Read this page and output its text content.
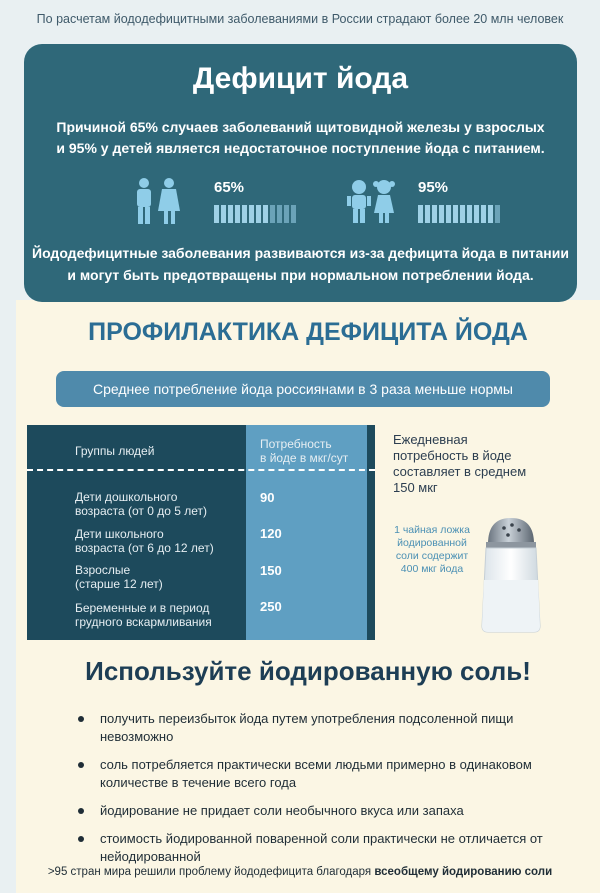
По расчетам йододефицитными заболеваниями в России страдают более 20 млн человек
Дефицит йода
Причиной 65% случаев заболеваний щитовидной железы у взрослых
и 95% у детей является недостаточное поступление йода с питанием.
65%	95%
Йододефицитные заболевания развиваются из-за дефицита йода в питании
и могут быть предотвращены при нормальном потреблении йода.
ПРОФИЛАКТИКА ДЕФИЦИТА ЙОДА
Среднее потребление йода россиянами в 3 раза меньше нормы
Группы людей	Потребность
в йоде в мкг/сут
Дети дошкольного
возраста (от 0 до 5 лет)
90
Дети школьного
возраста (от 6 до 12 лет)
120
Взрослые
(старше 12 лет)
150
Беременные и в период
грудного вскармливания
250
Ежедневная
потребность в йоде
составляет в среднем
150 мкг
1 чайная ложка
йодированной
соли содержит
400 мкг йода
Используйте йодированную соль!
получить переизбыток йода путем употребления подсоленной пищи невозможно
соль потребляется практически всеми людьми примерно в одинаковом количестве в течение всего года
йодирование не придает соли необычного вкуса или запаха
стоимость йодированной поваренной соли практически не отличается от нейодированной
>95 стран мира решили проблему йододефицита благодаря всеобщему йодированию соли
